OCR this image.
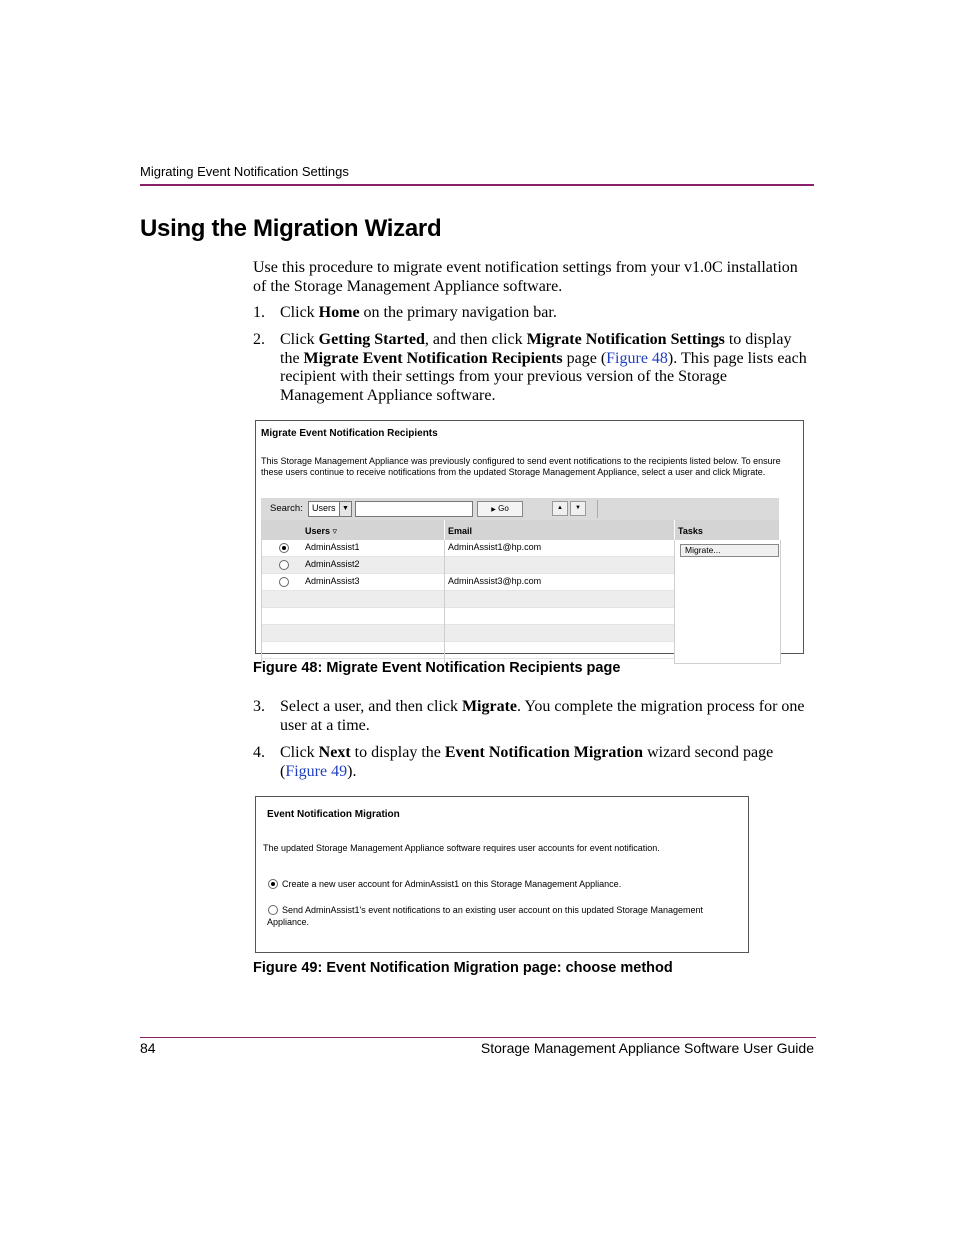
Migrating Event Notification Settings
Using the Migration Wizard
Use this procedure to migrate event notification settings from your v1.0C installation of the Storage Management Appliance software.
1. Click Home on the primary navigation bar.
2. Click Getting Started, and then click Migrate Notification Settings to display the Migrate Event Notification Recipients page (Figure 48). This page lists each recipient with their settings from your previous version of the Storage Management Appliance software.
Migrate Event Notification Recipients
This Storage Management Appliance was previously configured to send event notifications to the recipients listed below. To ensure these users continue to receive notifications from the updated Storage Management Appliance, select a user and click Migrate.
Search: Users ▼	▶ Go	▲	▼
Users ▿	Email	Tasks
AdminAssist1	AdminAssist1@hp.com
AdminAssist2
AdminAssist3	AdminAssist3@hp.com
Migrate...
Figure 48: Migrate Event Notification Recipients page
3. Select a user, and then click Migrate. You complete the migration process for one user at a time.
4. Click Next to display the Event Notification Migration wizard second page (Figure 49).
Event Notification Migration
The updated Storage Management Appliance software requires user accounts for event notification.
Create a new user account for AdminAssist1 on this Storage Management Appliance.
Send AdminAssist1's event notifications to an existing user account on this updated Storage Management Appliance.
Figure 49: Event Notification Migration page: choose method
84	Storage Management Appliance Software User Guide
